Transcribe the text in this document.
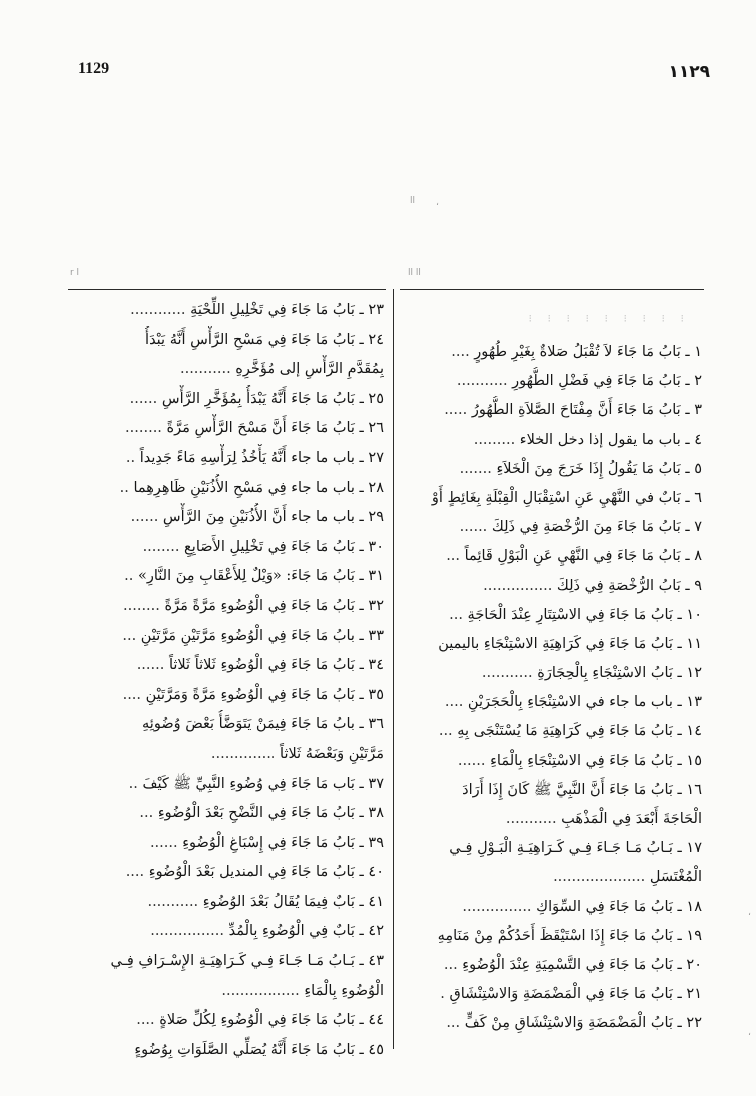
1129	١١٢٩
ll ،
r l	ll ll
،
،
⁝ ⁝ ⁝ ⁝ ⁝ ⁝ ⁝ ⁝ ⁝
٢٣ ـ بَابُ مَا جَاءَ فِي تَخْلِيلِ اللِّحْيَةِ ............
٢٤ ـ بَابُ مَا جَاءَ فِي مَسْحِ الرَّأْسِ أَنَّهُ يَبْدَأُ
بِمُقَدَّمِ الرَّأْسِ إلى مُؤَخَّرِهِ ...........
٢٥ ـ بَابُ مَا جَاءَ أَنَّهُ يَبْدَأُ بِمُؤَخَّرِ الرَّأْسِ ......
٢٦ ـ بَابُ مَا جَاءَ أَنَّ مَسْحَ الرَّأْسِ مَرَّةً ........
٢٧ ـ باب ما جاء أَنَّهُ يَأْخُذُ لِرَأْسِهِ مَاءً جَدِيداً ..
٢٨ ـ باب ما جاء فِي مَسْحِ الأُذُنَيْنِ ظَاهِرِهِما ..
٢٩ ـ باب ما جاء أَنَّ الأُذُنَيْنِ مِنَ الرَّأْسِ ......
٣٠ ـ بَابُ مَا جَاءَ فِي تَخْلِيلِ الأَصَابِعِ ........
٣١ ـ بَابُ مَا جَاءَ: «وَيْلٌ لِلأَعْقَابِ مِنَ النَّارِ» ..
٣٢ ـ بَابُ مَا جَاءَ فِي الْوُضُوءِ مَرَّةً مَرَّةً ........
٣٣ ـ بابُ مَا جَاءَ فِي الْوُضُوءِ مَرَّتَيْنِ مَرَّتَيْنِ ...
٣٤ ـ بَابُ مَا جَاءَ فِي الْوُضُوءِ ثَلاثاً ثَلاثاً ......
٣٥ ـ بَابُ مَا جَاءَ فِي الْوُضُوءِ مَرَّةً وَمَرَّتَيْنِ ....
٣٦ ـ بابُ مَا جَاءَ فِيمَنْ يَتَوَضَّأُ بَعْضَ وُضُوئِهِ
مَرَّتَيْنِ وَبَعْضَهُ ثَلاثاً ..............
٣٧ ـ بَاب مَا جَاءَ فِي وُضُوءِ النَّبِيِّ ﷺ كَيْفَ ..
٣٨ ـ بَابُ مَا جَاءَ فِي النَّضْحِ بَعْدَ الْوُضُوءِ ...
٣٩ ـ بَابُ مَا جَاءَ فِي إِسْبَاغِ الْوُضُوءِ ......
٤٠ ـ بَابُ مَا جَاءَ فِي المنديل بَعْدَ الْوُضُوءِ ....
٤١ ـ بَابٌ فِيمَا يُقَالُ بَعْدَ الوُضُوءِ ...........
٤٢ ـ بَابٌ فِي الْوُضُوءِ بِالْمُدِّ ................
٤٣ ـ بَـابُ مَـا جَـاءَ فِـي كَـرَاهِيَـةِ الإِسْـرَافِ فِـي
الْوُضُوءِ بِالْمَاءِ .................
٤٤ ـ بَابُ مَا جَاءَ فِي الْوُضُوءِ لِكُلِّ صَلاةٍ ....
٤٥ ـ بَابُ مَا جَاءَ أَنَّهُ يُصَلِّي الصَّلَوَاتِ بِوُضُوءٍ
١ ـ بَابُ مَا جَاءَ لاَ تُقْبَلُ صَلاةٌ بِغَيْرِ طُهُورٍ ....
٢ ـ بَابُ مَا جَاءَ فِي فَضْلِ الطُّهُورِ ...........
٣ ـ بَابُ مَا جَاءَ أَنَّ مِفْتَاحَ الصَّلاَةِ الطُّهُورُ .....
٤ ـ باب ما يقول إذا دخل الخلاء .........
٥ ـ بَابُ مَا يَقُولُ إِذَا خَرَجَ مِنَ الْخَلاَءِ .......
٦ ـ بَابٌ في النَّهْيِ عَنِ اسْتِقْبَالِ الْقِبْلَةِ بِغَائِطٍ أَوْ
٧ ـ بَابُ مَا جَاءَ مِنَ الرُّخْصَةِ فِي ذَلِكَ ......
٨ ـ بَابُ مَا جَاءَ فِي النَّهْيِ عَنِ الْبَوْلِ قَائِماً ...
٩ ـ بَابُ الرُّخْصَةِ فِي ذَلِكَ ...............
١٠ ـ بَابُ مَا جَاءَ فِي الاسْتِتَارِ عِنْدَ الْحَاجَةِ ...
١١ ـ بَابُ مَا جَاءَ فِي كَرَاهِيَةِ الاسْتِنْجَاءِ باليمين
١٢ ـ بَابُ الاسْتِنْجَاءِ بِالْحِجَارَةِ ...........
١٣ ـ باب ما جاء في الاسْتِنْجَاءِ بِالْحَجَرَيْنِ ....
١٤ ـ بَابُ مَا جَاءَ فِي كَرَاهِيَةِ مَا يُسْتَنْجَى بِهِ ...
١٥ ـ بَابُ مَا جَاءَ فِي الاسْتِنْجَاءِ بِالْمَاءِ ......
١٦ ـ بَابُ مَا جَاءَ أَنَّ النَّبِيَّ ﷺ كَانَ إِذَا أَرَادَ
الْحَاجَةَ أَبْعَدَ فِي الْمَذْهَبِ ...........
١٧ ـ بَـابُ مَـا جَـاءَ فِـي كَـرَاهِيَـةِ الْبَـوْلِ فِـي
الْمُغْتَسَلِ ....................
١٨ ـ بَابُ مَا جَاءَ فِي السِّوَاكِ ...............
١٩ ـ بَابُ مَا جَاءَ إِذَا اسْتَيْقَظَ أَحَدُكُمْ مِنْ مَنَامِهِ
٢٠ ـ بَابُ مَا جَاءَ فِي التَّسْمِيَةِ عِنْدَ الْوُضُوءِ ...
٢١ ـ بَابُ مَا جَاءَ فِي الْمَضْمَضَةِ وَالاسْتِنْشَاقِ .
٢٢ ـ بَابُ الْمَضْمَضَةِ وَالاسْتِنْشَاقِ مِنْ كَفٍّ ...
